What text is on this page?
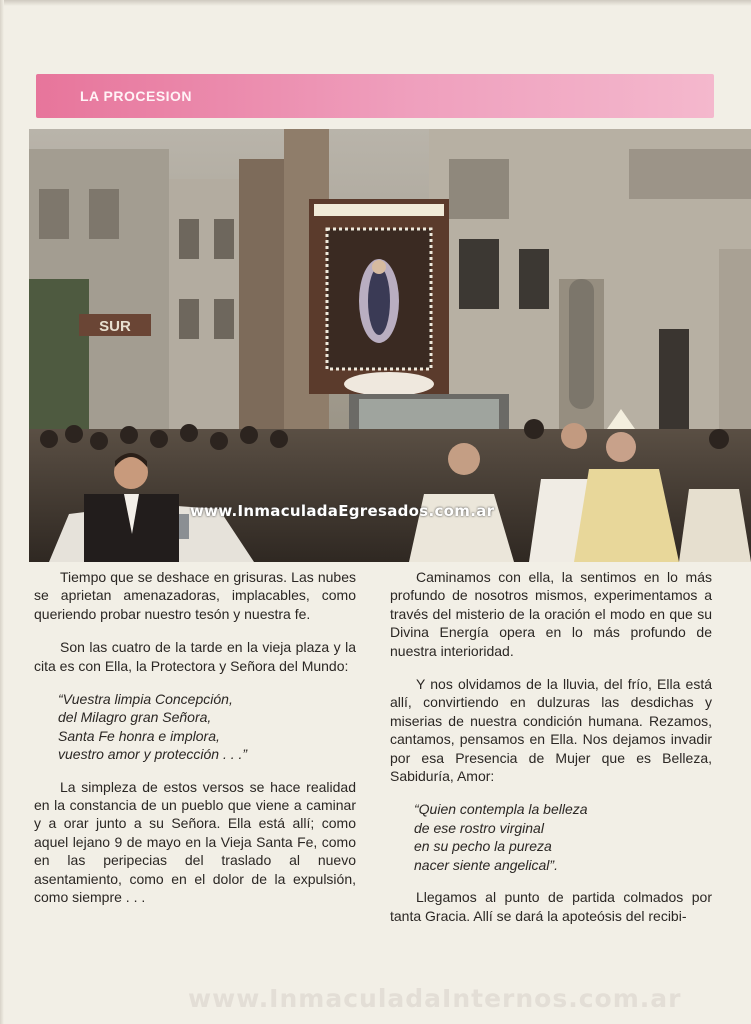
LA PROCESION
SUR
www.InmaculadaEgresados.com.ar

Tiempo que se deshace en grisuras. Las nubes se aprietan amenazadoras, implacables, como queriendo probar nuestro tesón y nuestra fe.

Son las cuatro de la tarde en la vieja plaza y la cita es con Ella, la Protectora y Señora del Mundo:

“Vuestra limpia Concepción,
del Milagro gran Señora,
Santa Fe honra e implora,
vuestro amor y protección . . .”

La simpleza de estos versos se hace realidad en la constancia de un pueblo que viene a caminar y a orar junto a su Señora. Ella está allí; como aquel lejano 9 de mayo en la Vieja Santa Fe, como en las peripecias del traslado al nuevo asentamiento, como en el dolor de la expulsión, como siempre . . .

Caminamos con ella, la sentimos en lo más profundo de nosotros mismos, experimentamos a través del misterio de la oración el modo en que su Divina Energía opera en lo más profundo de nuestra interioridad.

Y nos olvidamos de la lluvia, del frío, Ella está allí, convirtiendo en dulzuras las desdichas y miserias de nuestra condición humana. Rezamos, cantamos, pensamos en Ella. Nos dejamos invadir por esa Presencia de Mujer que es Belleza, Sabiduría, Amor:

“Quien contempla la belleza
de ese rostro virginal
en su pecho la pureza
nacer siente angelical”.

Llegamos al punto de partida colmados por tanta Gracia. Allí se dará la apoteósis del recibi-

www.InmaculadaInternos.com.ar
